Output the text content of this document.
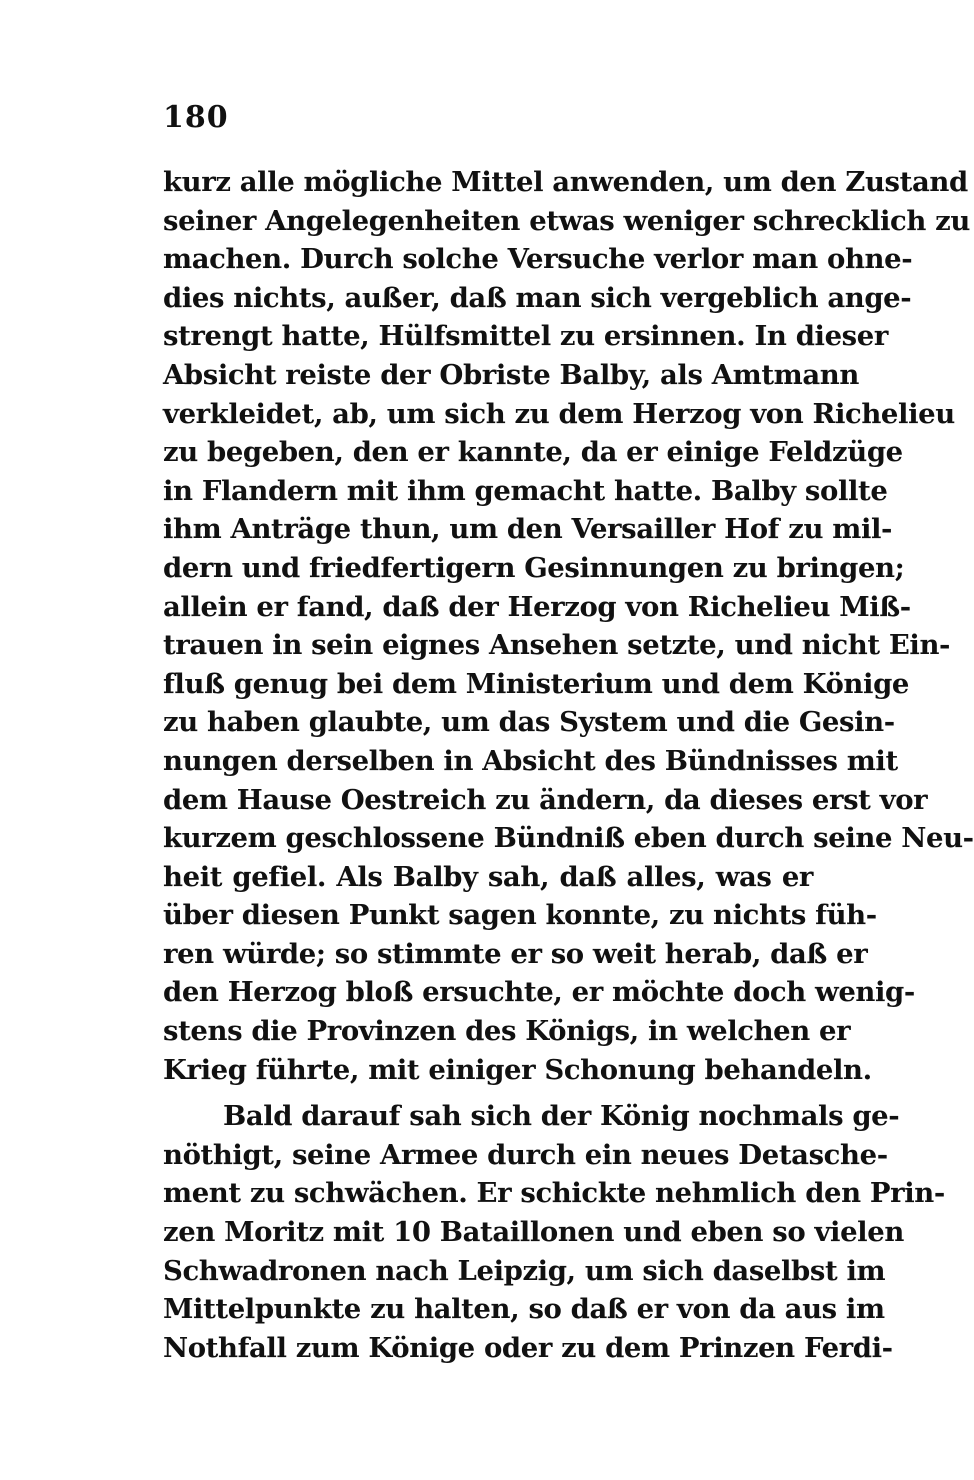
180
kurz alle mögliche Mittel anwenden, um den Zustand
seiner Angelegenheiten etwas weniger schrecklich zu
machen. Durch solche Versuche verlor man ohne-
dies nichts, außer, daß man sich vergeblich ange-
strengt hatte, Hülfsmittel zu ersinnen. In dieser
Absicht reiste der Obriste Balby, als Amtmann
verkleidet, ab, um sich zu dem Herzog von Richelieu
zu begeben, den er kannte, da er einige Feldzüge
in Flandern mit ihm gemacht hatte. Balby sollte
ihm Anträge thun, um den Versailler Hof zu mil-
dern und friedfertigern Gesinnungen zu bringen;
allein er fand, daß der Herzog von Richelieu Miß-
trauen in sein eignes Ansehen setzte, und nicht Ein-
fluß genug bei dem Ministerium und dem Könige
zu haben glaubte, um das System und die Gesin-
nungen derselben in Absicht des Bündnisses mit
dem Hause Oestreich zu ändern, da dieses erst vor
kurzem geschlossene Bündniß eben durch seine Neu-
heit gefiel. Als Balby sah, daß alles, was er
über diesen Punkt sagen konnte, zu nichts füh-
ren würde; so stimmte er so weit herab, daß er
den Herzog bloß ersuchte, er möchte doch wenig-
stens die Provinzen des Königs, in welchen er
Krieg führte, mit einiger Schonung behandeln.
Bald darauf sah sich der König nochmals ge-
nöthigt, seine Armee durch ein neues Detasche-
ment zu schwächen. Er schickte nehmlich den Prin-
zen Moritz mit 10 Bataillonen und eben so vielen
Schwadronen nach Leipzig, um sich daselbst im
Mittelpunkte zu halten, so daß er von da aus im
Nothfall zum Könige oder zu dem Prinzen Ferdi-
